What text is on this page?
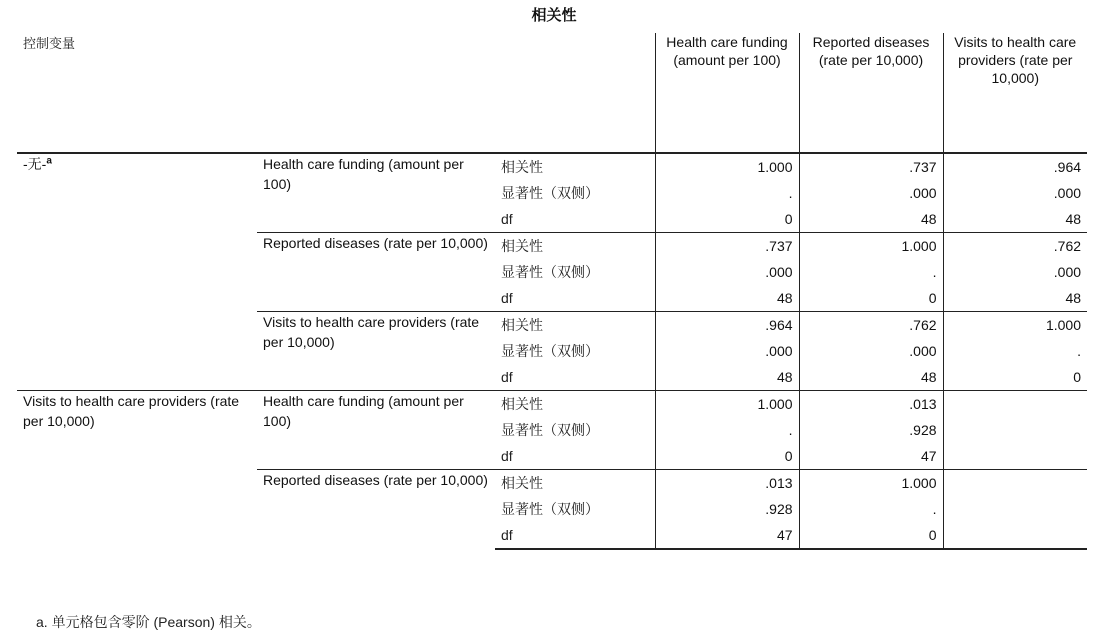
相关性
控制变量			Health care funding (amount per 100)	Reported diseases (rate per 10,000)	Visits to health care providers (rate per 10,000)
-无-$^a$	Health care funding (amount per 100)	相关性	1.000	.737	.964
		显著性（双侧）	.	.000	.000
		df	0	48	48
	Reported diseases (rate per 10,000)	相关性	.737	1.000	.762
		显著性（双侧）	.000	.	.000
		df	48	0	48
	Visits to health care providers (rate per 10,000)	相关性	.964	.762	1.000
		显著性（双侧）	.000	.000	.
		df	48	48	0
Visits to health care providers (rate per 10,000)	Health care funding (amount per 100)	相关性	1.000	.013	
		显著性（双侧）	.	.928	
		df	0	47	
	Reported diseases (rate per 10,000)	相关性	.013	1.000	
		显著性（双侧）	.928	.	
		df	47	0	
a. 单元格包含零阶 (Pearson) 相关。
